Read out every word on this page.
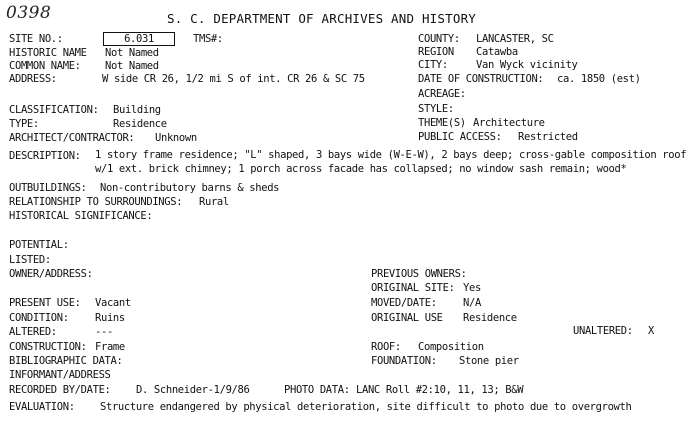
0398	S. C. DEPARTMENT OF ARCHIVES AND HISTORY
SITE NO.:	6.031	TMS#:	COUNTY: LANCASTER, SC
HISTORIC NAME Not Named	REGION Catawba
COMMON NAME: Not Named	CITY:	Van Wyck vicinity
ADDRESS:	W side CR 26, 1/2 mi S of int. CR 26 & SC 75	DATE OF CONSTRUCTION: ca. 1850 (est)
ACREAGE:
CLASSIFICATION: Building	STYLE:
TYPE:	Residence	THEME(S) Architecture
ARCHITECT/CONTRACTOR: Unknown	PUBLIC ACCESS: Restricted
DESCRIPTION: 1 story frame residence; "L" shaped, 3 bays wide (W-E-W), 2 bays deep; cross-gable composition roof
w/1 ext. brick chimney; 1 porch across facade has collapsed; no window sash remain; wood*
OUTBUILDINGS: Non-contributory barns & sheds
RELATIONSHIP TO SURROUNDINGS: Rural
HISTORICAL SIGNIFICANCE:
POTENTIAL:
LISTED:
OWNER/ADDRESS:	PREVIOUS OWNERS:
ORIGINAL SITE: Yes
PRESENT USE: Vacant	MOVED/DATE:	N/A
CONDITION:	Ruins	ORIGINAL USE Residence
ALTERED:	---	UNALTERED: X
CONSTRUCTION: Frame	ROOF: Composition
BIBLIOGRAPHIC DATA:	FOUNDATION: Stone pier
INFORMANT/ADDRESS
RECORDED BY/DATE: D. Schneider-1/9/86	PHOTO DATA: LANC Roll #2:10, 11, 13; B&W
EVALUATION: Structure endangered by physical deterioration, site difficult to photo due to overgrowth
